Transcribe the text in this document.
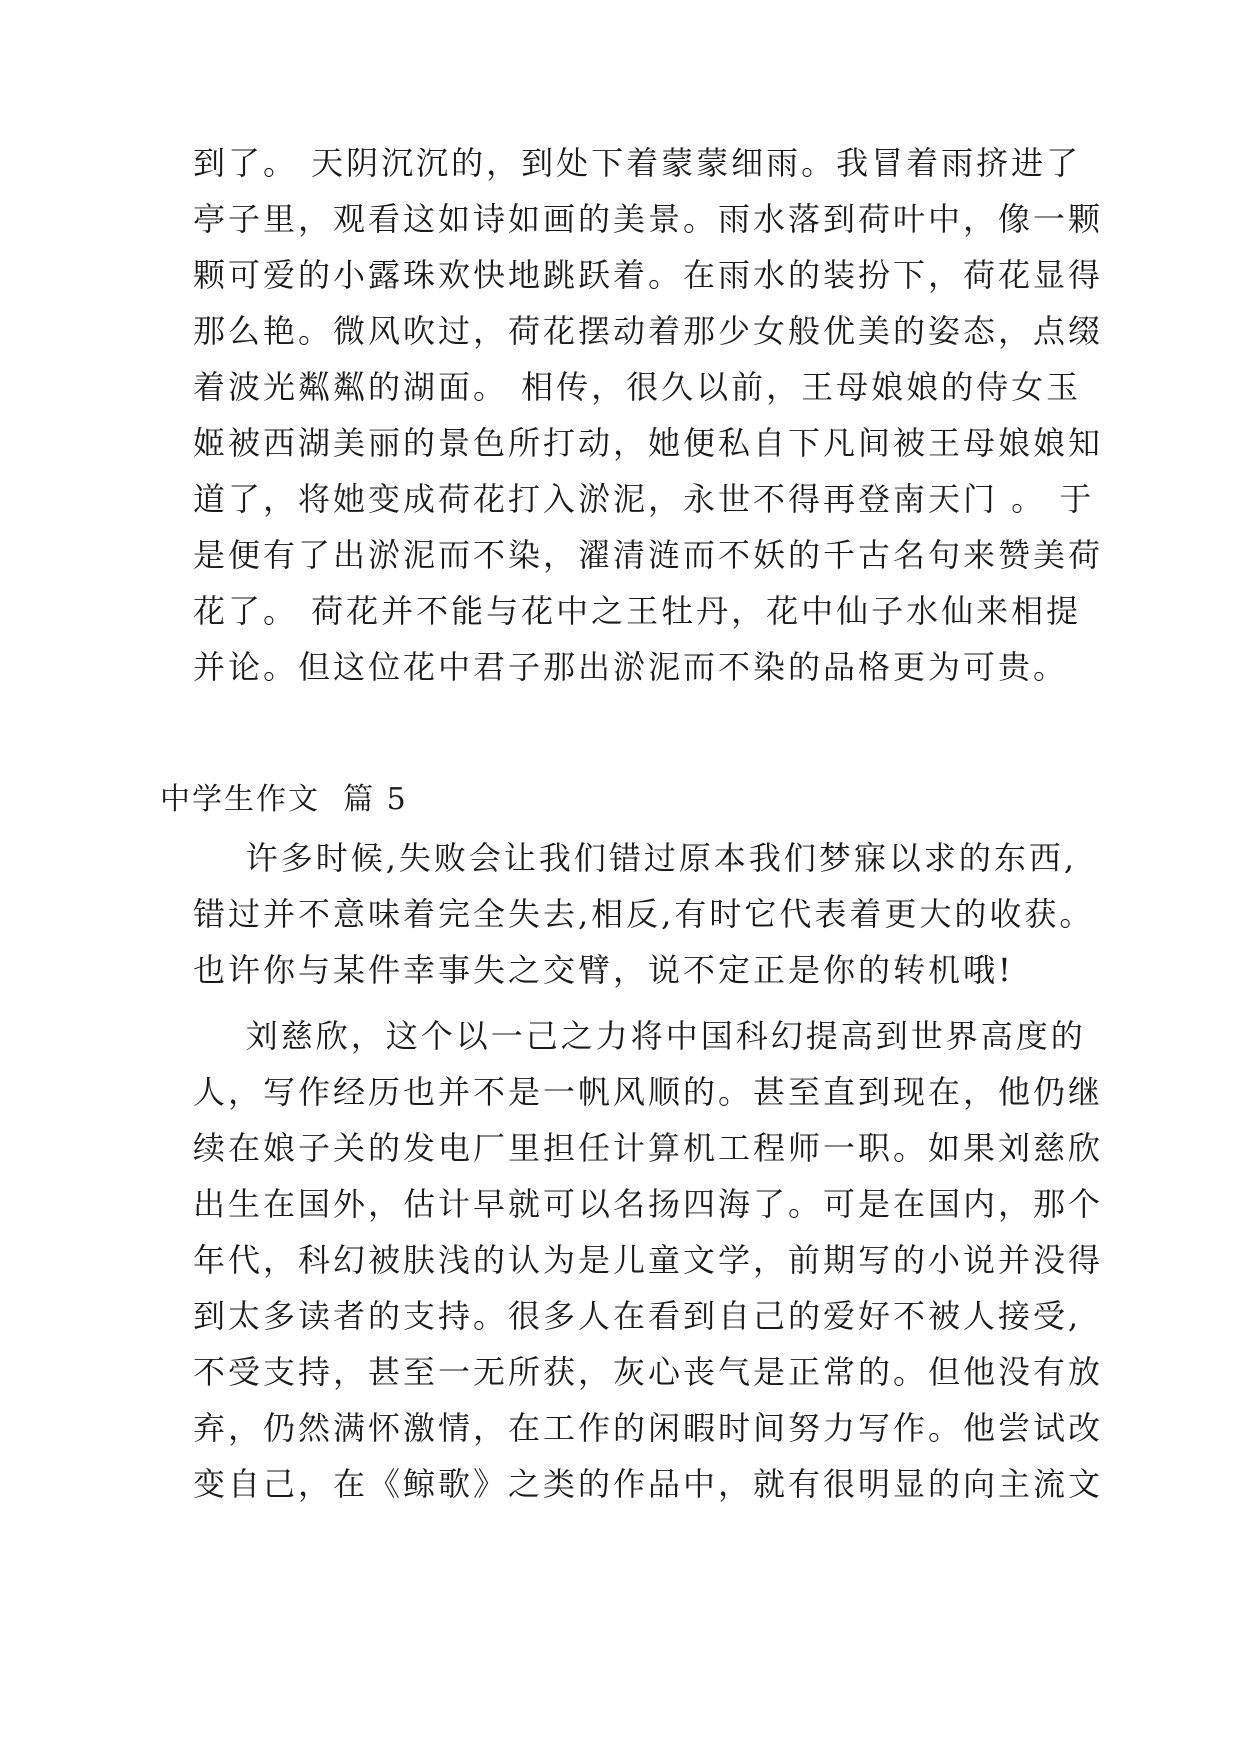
到了。 天阴沉沉的，到处下着蒙蒙细雨。我冒着雨挤进了
亭子里，观看这如诗如画的美景。雨水落到荷叶中，像一颗
颗可爱的小露珠欢快地跳跃着。在雨水的装扮下，荷花显得
那么艳。微风吹过，荷花摆动着那少女般优美的姿态，点缀
着波光粼粼的湖面。 相传，很久以前，王母娘娘的侍女玉
姬被西湖美丽的景色所打动，她便私自下凡间被王母娘娘知
道了，将她变成荷花打入淤泥，永世不得再登南天门 。 于
是便有了出淤泥而不染，濯清涟而不妖的千古名句来赞美荷
花了。 荷花并不能与花中之王牡丹，花中仙子水仙来相提
并论。但这位花中君子那出淤泥而不染的品格更为可贵。
中学生作文  篇 5
许多时候,失败会让我们错过原本我们梦寐以求的东西,
错过并不意味着完全失去,相反,有时它代表着更大的收获。
也许你与某件幸事失之交臂，说不定正是你的转机哦!
刘慈欣，这个以一己之力将中国科幻提高到世界高度的
人，写作经历也并不是一帆风顺的。甚至直到现在，他仍继
续在娘子关的发电厂里担任计算机工程师一职。如果刘慈欣
出生在国外，估计早就可以名扬四海了。可是在国内，那个
年代，科幻被肤浅的认为是儿童文学，前期写的小说并没得
到太多读者的支持。很多人在看到自己的爱好不被人接受,
不受支持，甚至一无所获，灰心丧气是正常的。但他没有放
弃，仍然满怀激情，在工作的闲暇时间努力写作。他尝试改
变自己，在《鲸歌》之类的作品中，就有很明显的向主流文
